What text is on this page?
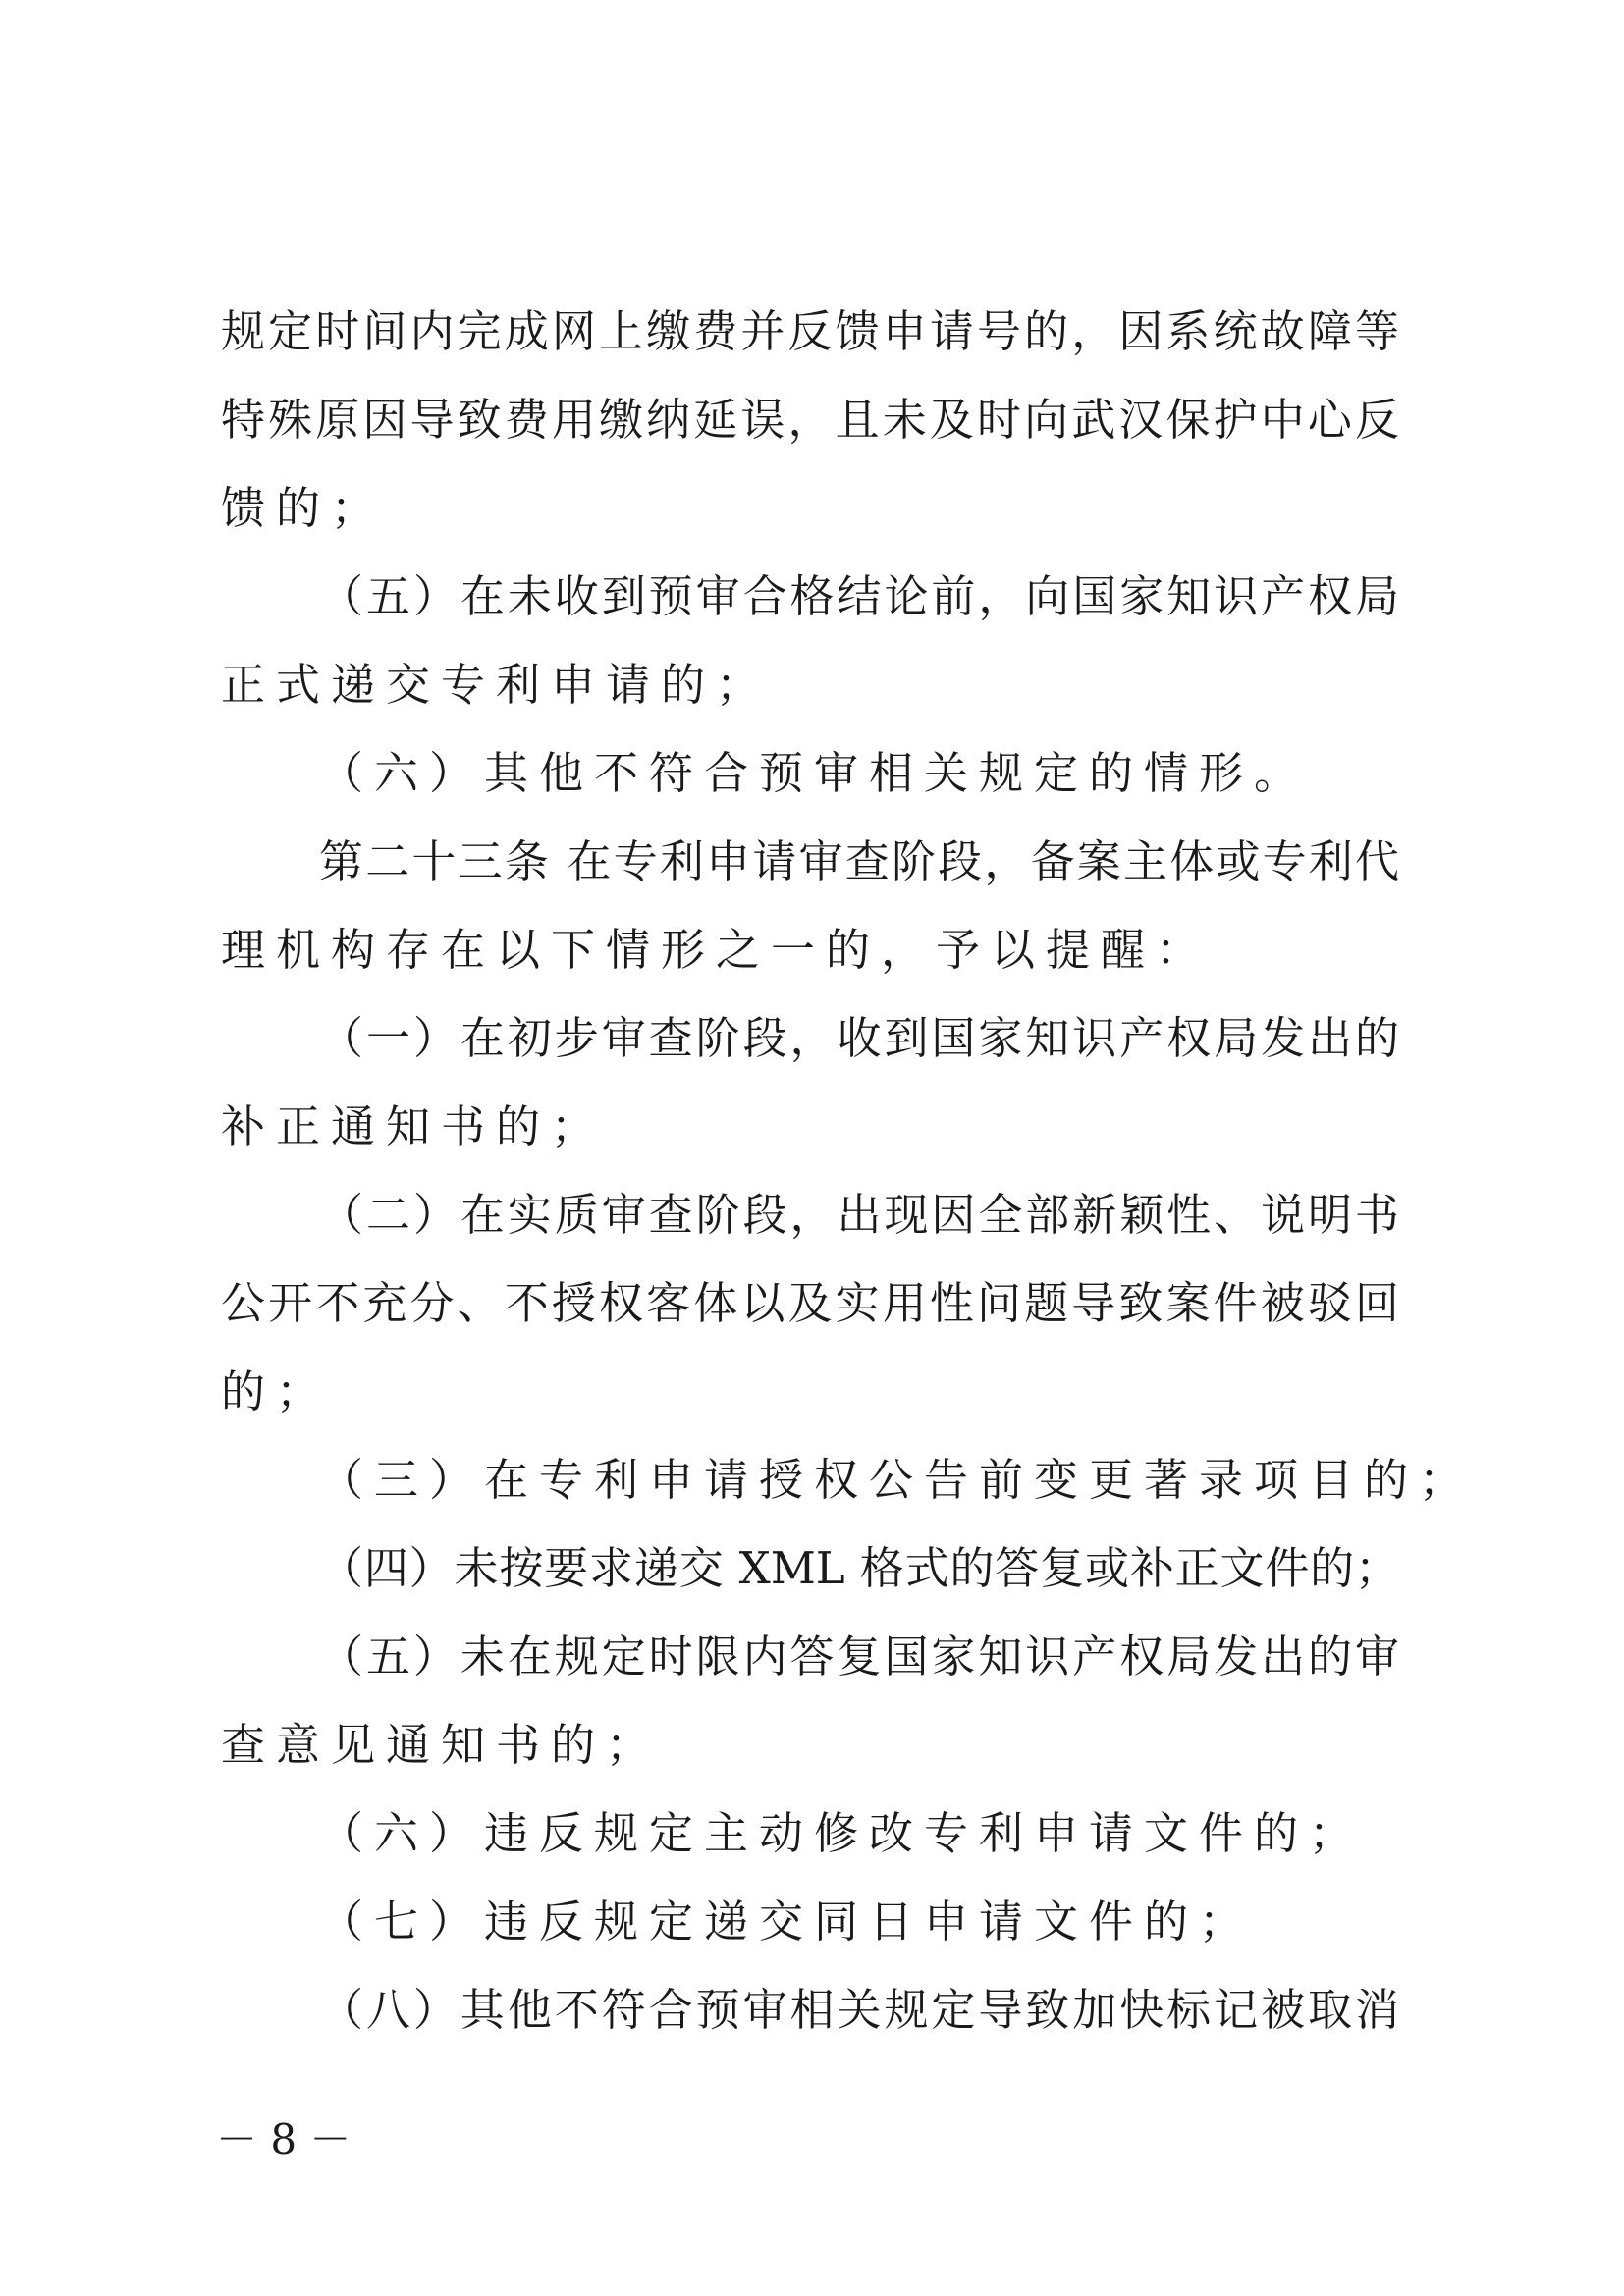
规定时间内完成网上缴费并反馈申请号的，因系统故障等
特殊原因导致费用缴纳延误，且未及时向武汉保护中心反
馈的；
（五）在未收到预审合格结论前，向国家知识产权局
正式递交专利申请的；
（六）其他不符合预审相关规定的情形。
第二十三条 在专利申请审查阶段，备案主体或专利代
理机构存在以下情形之一的，予以提醒：
（一）在初步审查阶段，收到国家知识产权局发出的
补正通知书的；
（二）在实质审查阶段，出现因全部新颖性、说明书
公开不充分、不授权客体以及实用性问题导致案件被驳回
的；
（三）在专利申请授权公告前变更著录项目的；
（四）未按要求递交 XML 格式的答复或补正文件的；
（五）未在规定时限内答复国家知识产权局发出的审
查意见通知书的；
（六）违反规定主动修改专利申请文件的；
（七）违反规定递交同日申请文件的；
（八）其他不符合预审相关规定导致加快标记被取消
－ 8 －
